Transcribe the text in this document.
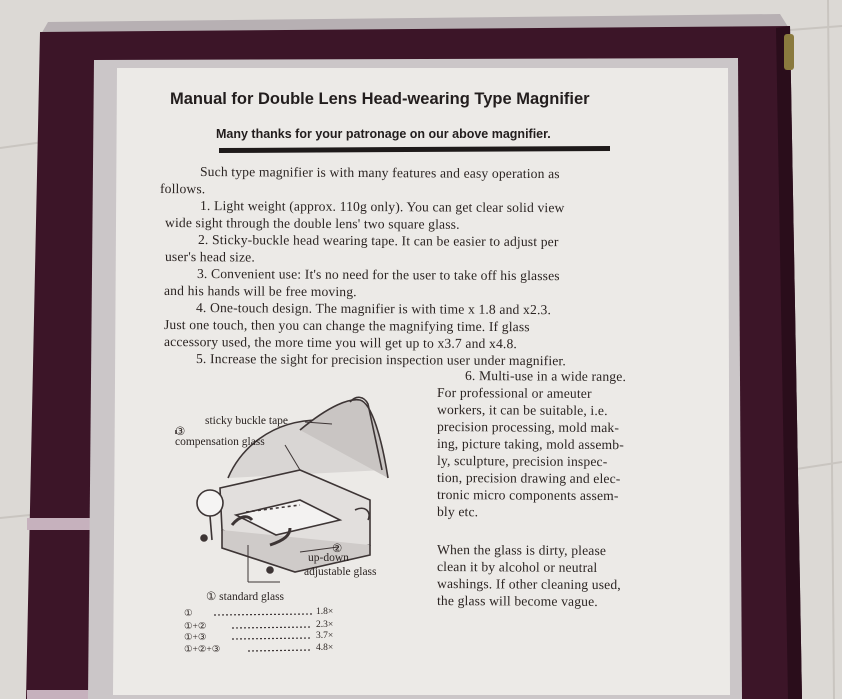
Manual for Double Lens Head-wearing Type Magnifier
Many thanks for your patronage on our above magnifier.
Such type magnifier is with many features and easy operation as
follows.
1. Light weight (approx. 110g only). You can get clear solid view
wide sight through the double lens' two square glass.
2. Sticky-buckle head wearing tape. It can be easier to adjust per
user's head size.
3. Convenient use: It's no need for the user to take off his glasses
and his hands will be free moving.
4. One-touch design. The magnifier is with time x 1.8 and x2.3.
Just one touch, then you can change the magnifying time. If glass
accessory used, the more time you will get up to x3.7 and x4.8.
5. Increase the sight for precision inspection user under magnifier.
6. Multi-use in a wide range.
For professional or ameuter
workers, it can be suitable, i.e.
precision processing, mold mak-
ing, picture taking, mold assemb-
ly, sculpture, precision inspec-
tion, precision drawing and elec-
tronic micro components assem-
bly etc.
When the glass is dirty, please
clean it by alcohol or neutral
washings. If other cleaning used,
the glass will become vague.
sticky buckle tape
③
compensation glass
②
up-down
adjustable glass
① standard glass
①	1.8×
①+②	2.3×
①+③	3.7×
①+②+③	4.8×
